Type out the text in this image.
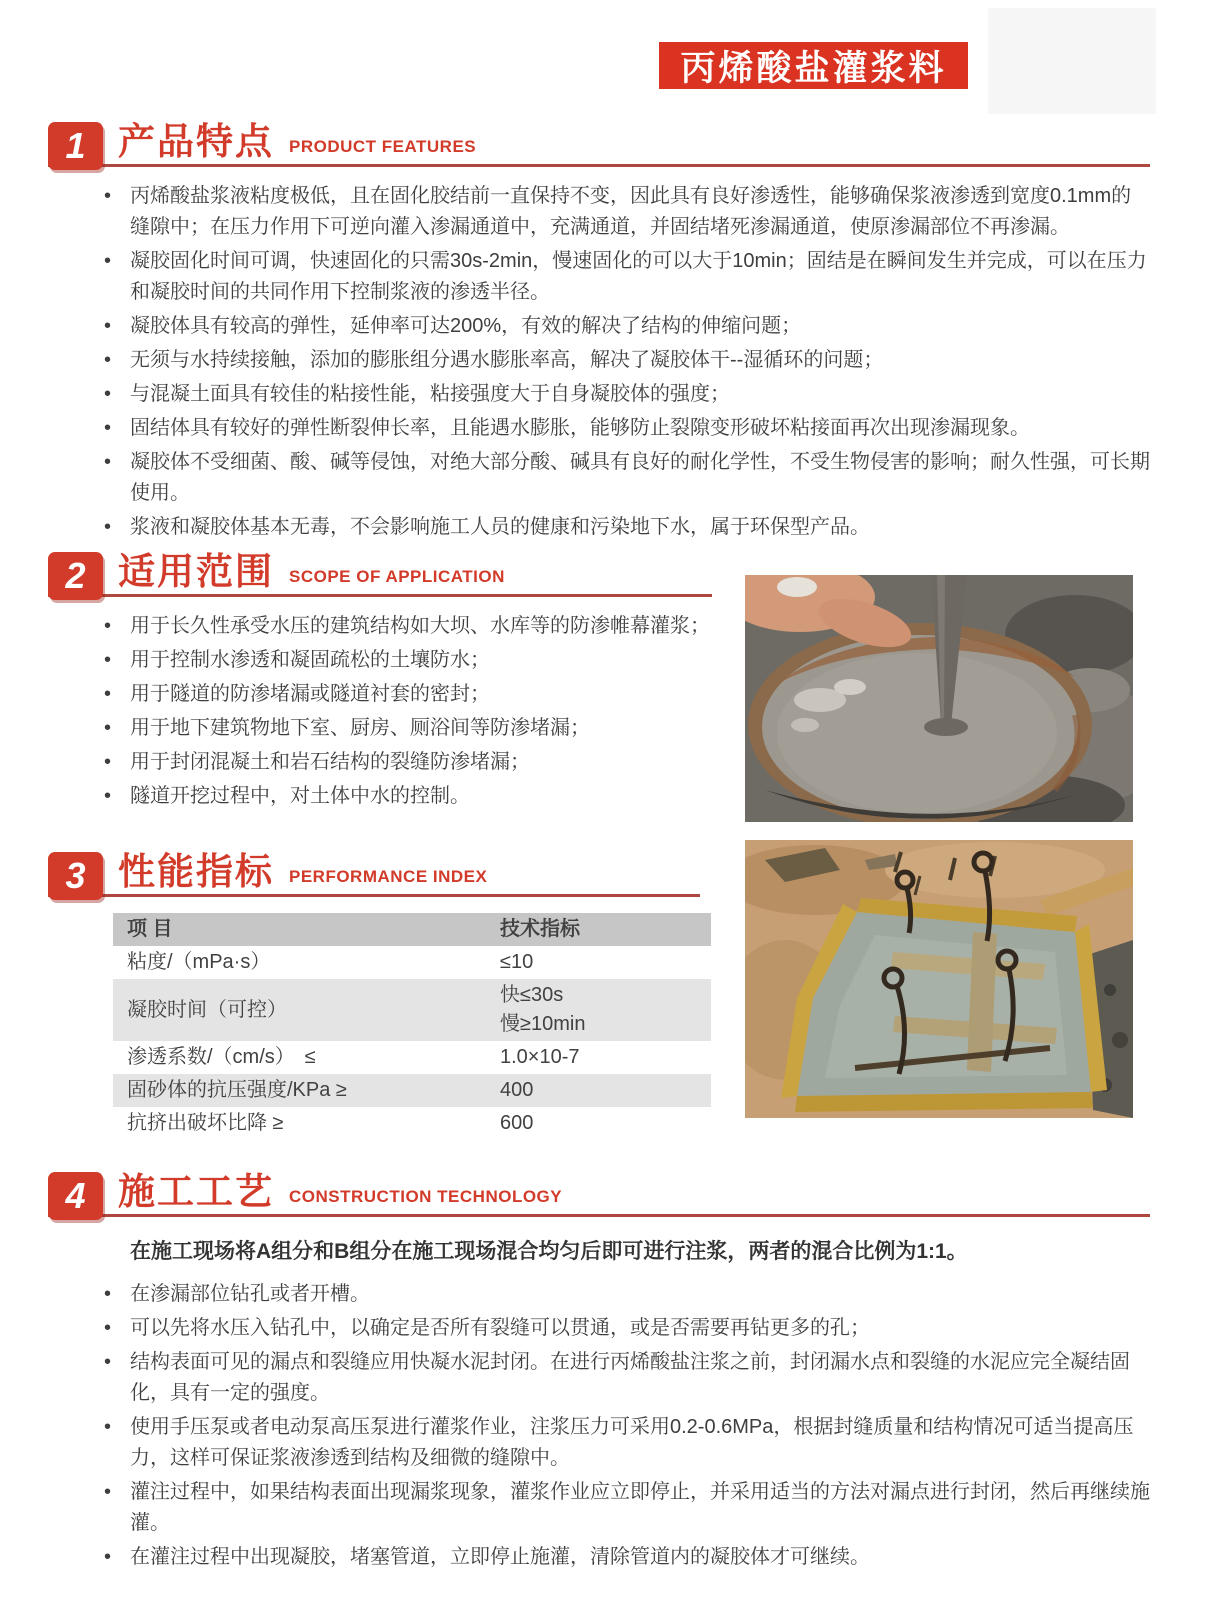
丙烯酸盐灌浆料
1 产品特点 PRODUCT FEATURES
• 丙烯酸盐浆液粘度极低，且在固化胶结前一直保持不变，因此具有良好渗透性，能够确保浆液渗透到宽度0.1mm的缝隙中；在压力作用下可逆向灌入渗漏通道中，充满通道，并固结堵死渗漏通道，使原渗漏部位不再渗漏。
• 凝胶固化时间可调，快速固化的只需30s-2min，慢速固化的可以大于10min；固结是在瞬间发生并完成，可以在压力和凝胶时间的共同作用下控制浆液的渗透半径。
• 凝胶体具有较高的弹性，延伸率可达200%，有效的解决了结构的伸缩问题；
• 无须与水持续接触，添加的膨胀组分遇水膨胀率高，解决了凝胶体干--湿循环的问题；
• 与混凝土面具有较佳的粘接性能，粘接强度大于自身凝胶体的强度；
• 固结体具有较好的弹性断裂伸长率，且能遇水膨胀，能够防止裂隙变形破坏粘接面再次出现渗漏现象。
• 凝胶体不受细菌、酸、碱等侵蚀，对绝大部分酸、碱具有良好的耐化学性，不受生物侵害的影响；耐久性强，可长期使用。
• 浆液和凝胶体基本无毒，不会影响施工人员的健康和污染地下水，属于环保型产品。
2 适用范围 SCOPE OF APPLICATION
• 用于长久性承受水压的建筑结构如大坝、水库等的防渗帷幕灌浆；
• 用于控制水渗透和凝固疏松的土壤防水；
• 用于隧道的防渗堵漏或隧道衬套的密封；
• 用于地下建筑物地下室、厨房、厕浴间等防渗堵漏；
• 用于封闭混凝土和岩石结构的裂缝防渗堵漏；
• 隧道开挖过程中，对土体中水的控制。
3 性能指标 PERFORMANCE INDEX
项 目	技术指标
粘度/（mPa·s）	≤10
凝胶时间（可控）	快≤30s
慢≥10min

渗透系数/（cm/s）　≤	1.0×10-7
固砂体的抗压强度/KPa ≥	400
抗挤出破坏比降 ≥	600
4 施工工艺 CONSTRUCTION TECHNOLOGY

在施工现场将A组分和B组分在施工现场混合均匀后即可进行注浆，两者的混合比例为1:1。

• 在渗漏部位钻孔或者开槽。
• 可以先将水压入钻孔中，以确定是否所有裂缝可以贯通，或是否需要再钻更多的孔；
• 结构表面可见的漏点和裂缝应用快凝水泥封闭。在进行丙烯酸盐注浆之前，封闭漏水点和裂缝的水泥应完全凝结固化，具有一定的强度。
• 使用手压泵或者电动泵高压泵进行灌浆作业，注浆压力可采用0.2-0.6MPa，根据封缝质量和结构情况可适当提高压力，这样可保证浆液渗透到结构及细微的缝隙中。
• 灌注过程中，如果结构表面出现漏浆现象，灌浆作业应立即停止，并采用适当的方法对漏点进行封闭，然后再继续施灌。
• 在灌注过程中出现凝胶，堵塞管道，立即停止施灌，清除管道内的凝胶体才可继续。
